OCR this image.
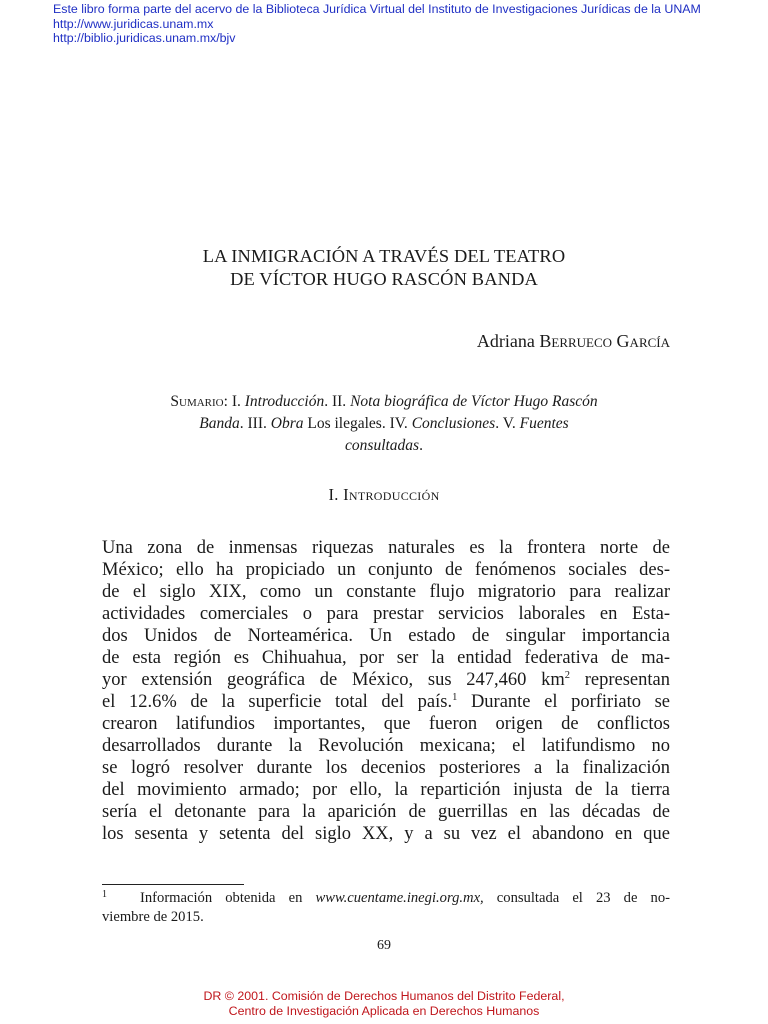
Este libro forma parte del acervo de la Biblioteca Jurídica Virtual del Instituto de Investigaciones Jurídicas de la UNAM
http://www.juridicas.unam.mx
http://biblio.juridicas.unam.mx/bjv
LA INMIGRACIÓN A TRAVÉS DEL TEATRO
DE VÍCTOR HUGO RASCÓN BANDA
Adriana Berrueco García
Sumario: I. Introducción. II. Nota biográfica de Víctor Hugo Rascón Banda. III. Obra Los ilegales. IV. Conclusiones. V. Fuentes consultadas.
I. Introducción
Una zona de inmensas riquezas naturales es la frontera norte de
México; ello ha propiciado un conjunto de fenómenos sociales des-
de el siglo XIX, como un constante flujo migratorio para realizar
actividades comerciales o para prestar servicios laborales en Esta-
dos Unidos de Norteamérica. Un estado de singular importancia
de esta región es Chihuahua, por ser la entidad federativa de ma-
yor extensión geográfica de México, sus 247,460 $km^2$ representan
el 12.6% de la superficie total del país.$^1$ Durante el porfiriato se
crearon latifundios importantes, que fueron origen de conflictos
desarrollados durante la Revolución mexicana; el latifundismo no
se logró resolver durante los decenios posteriores a la finalización
del movimiento armado; por ello, la repartición injusta de la tierra
sería el detonante para la aparición de guerrillas en las décadas de
los sesenta y setenta del siglo XX, y a su vez el abandono en que
$^1$ Información obtenida en www.cuentame.inegi.org.mx, consultada el 23 de no-
viembre de 2015.
69
DR © 2001. Comisión de Derechos Humanos del Distrito Federal,
Centro de Investigación Aplicada en Derechos Humanos
